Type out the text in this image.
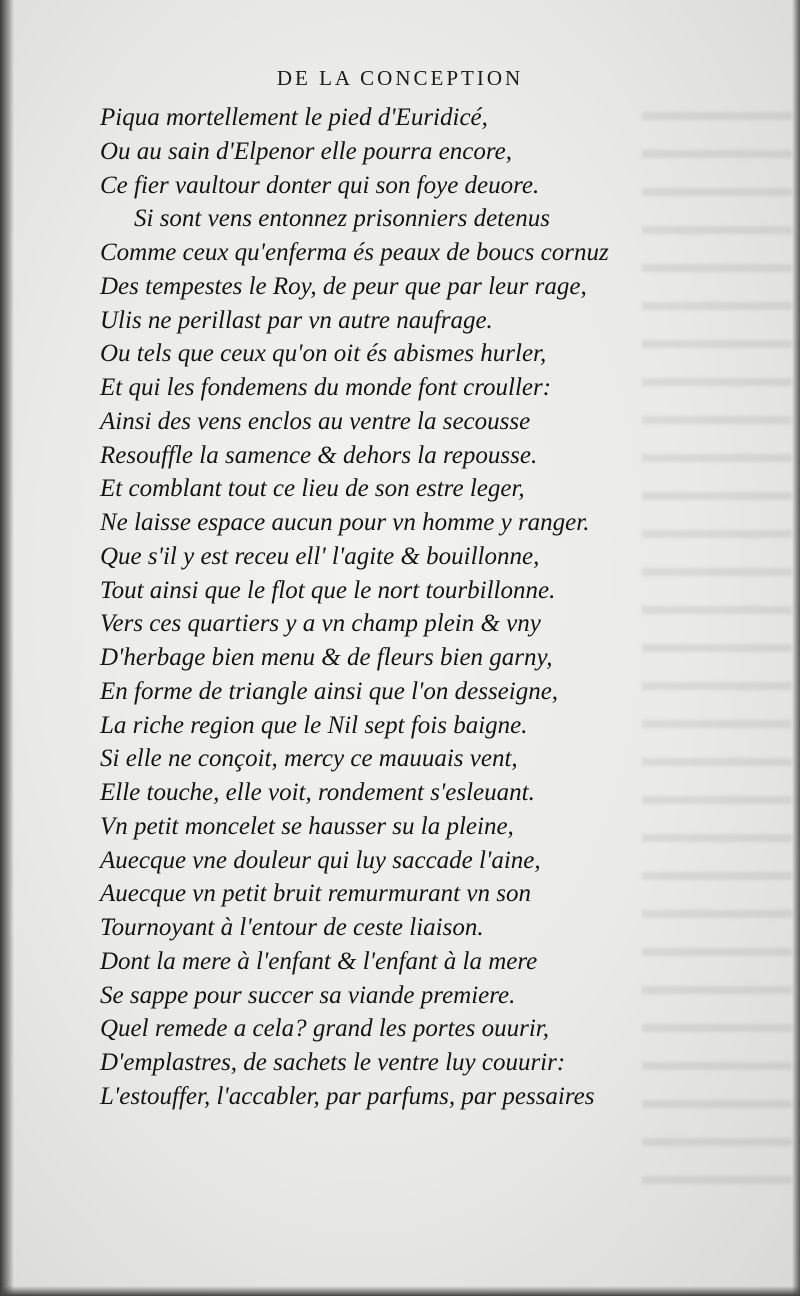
DE LA CONCEPTION
Piqua mortellement le pied d'Euridicé,
Ou au sain d'Elpenor elle pourra encore,
Ce fier vaultour donter qui son foye deuore.
Si sont vens entonnez prisonniers detenus
Comme ceux qu'enferma és peaux de boucs cornuz
Des tempestes le Roy, de peur que par leur rage,
Ulis ne perillast par vn autre naufrage.
Ou tels que ceux qu'on oit és abismes hurler,
Et qui les fondemens du monde font crouller:
Ainsi des vens enclos au ventre la secousse
Resouffle la samence & dehors la repousse.
Et comblant tout ce lieu de son estre leger,
Ne laisse espace aucun pour vn homme y ranger.
Que s'il y est receu ell' l'agite & bouillonne,
Tout ainsi que le flot que le nort tourbillonne.
Vers ces quartiers y a vn champ plein & vny
D'herbage bien menu & de fleurs bien garny,
En forme de triangle ainsi que l'on desseigne,
La riche region que le Nil sept fois baigne.
Si elle ne conçoit, mercy ce mauuais vent,
Elle touche, elle voit, rondement s'esleuant.
Vn petit moncelet se hausser su la pleine,
Auecque vne douleur qui luy saccade l'aine,
Auecque vn petit bruit remurmurant vn son
Tournoyant à l'entour de ceste liaison.
Dont la mere à l'enfant & l'enfant à la mere
Se sappe pour succer sa viande premiere.
Quel remede a cela? grand les portes ouurir,
D'emplastres, de sachets le ventre luy couurir:
L'estouffer, l'accabler, par parfums, par pessaires
